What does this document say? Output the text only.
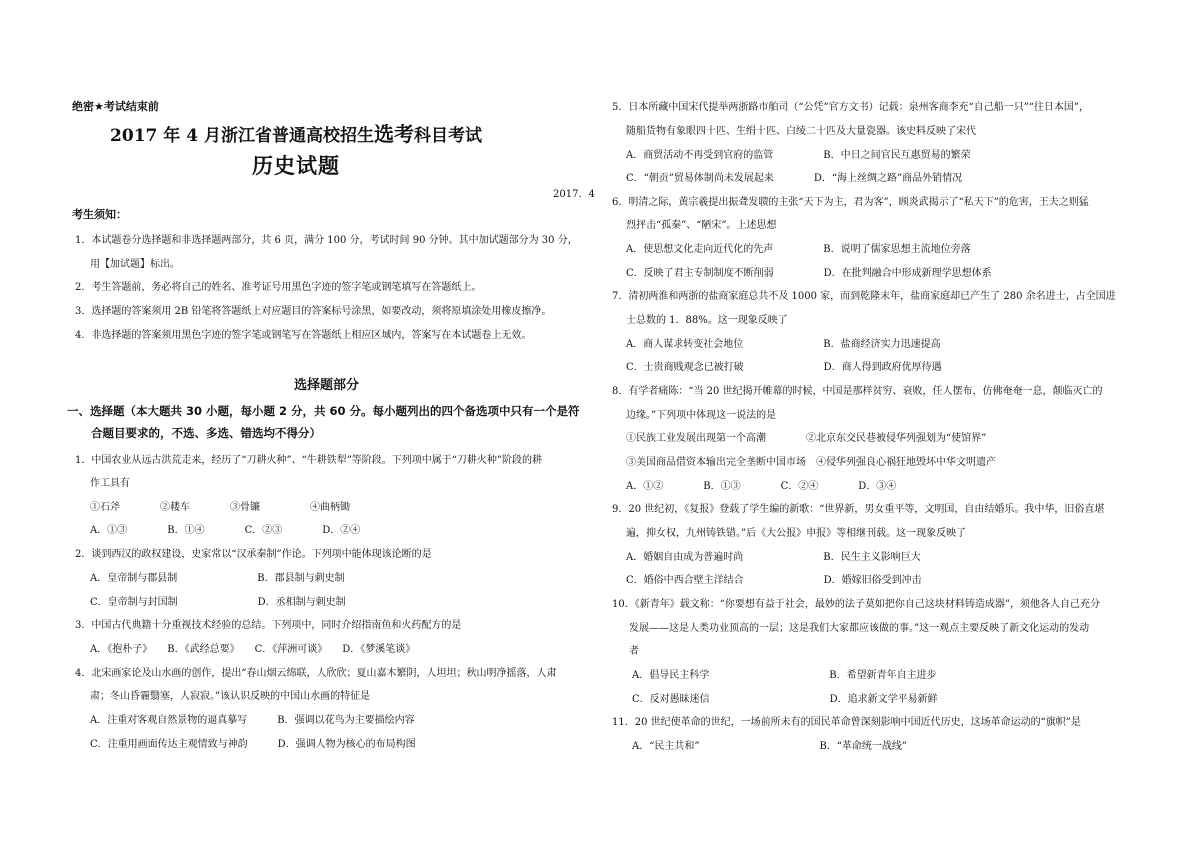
绝密★考试结束前
2017 年 4 月浙江省普通高校招生选考科目考试
历史试题
2017．4
考生须知：
1．本试题卷分选择题和非选择题两部分，共 6 页，满分 100 分，考试时间 90 分钟。其中加试题部分为 30 分，
用【加试题】标出。
2．考生答题前，务必将自己的姓名、准考证号用黑色字迹的签字笔或钢笔填写在答题纸上。
3．选择题的答案须用 2B 铅笔将答题纸上对应题目的答案标号涂黑，如要改动，须将原填涂处用橡皮擦净。
4．非选择题的答案须用黑色字迹的签字笔或钢笔写在答题纸上相应区域内，答案写在本试题卷上无效。
选择题部分
一、选择题（本大题共 30 小题，每小题 2 分，共 60 分。每小题列出的四个备选项中只有一个是符
合题目要求的，不选、多选、错选均不得分）
1．中国农业从远古洪荒走来，经历了“刀耕火种”、“牛耕铁犁”等阶段。下列项中属于“刀耕火种”阶段的耕
作工具有
①石斧　　　　②耧车　　　　③骨镰　　　　　④曲柄锄
A．①③　　　　B．①④　　　　C．②③　　　　D．②④
2．谈到西汉的政权建设，史家常以“汉承秦制”作论。下列项中能体现该论断的是
A．皇帝制与郡县制　　　　　　　　B．郡县制与刺史制
C．皇帝制与封国制　　　　　　　　D．丞相制与刺史制
3．中国古代典籍十分重视技术经验的总结。下列项中，同时介绍指南鱼和火药配方的是
A．《抱朴子》　　B．《武经总要》　　C．《萍洲可谈》　　D．《梦溪笔谈》
4．北宋画家论及山水画的创作，提出“春山烟云绵联，人欣欣；夏山嘉木繁阴，人坦坦；秋山明净摇落，人肃
肃；冬山昏霾翳塞，人寂寂。”该认识反映的中国山水画的特征是
A．注重对客观自然景物的逼真摹写　　　B．强调以花鸟为主要描绘内容
C．注重用画面传达主观情致与神韵　　　D．强调人物为核心的布局构图
5．日本所藏中国宋代提举两浙路市舶司（“公凭”官方文书）记载：泉州客商李充“自己船一只”“往日本国”，
随船货物有象眼四十匹、生绢十匹、白绫二十匹及大量瓷器。该史料反映了宋代
A．商贸活动不再受到官府的监管　　　　　B．中日之间官民互惠贸易的繁荣
C．“朝贡”贸易体制尚未发展起来　　　　D．“海上丝绸之路”商品外销情况
6．明清之际，黄宗羲提出振聋发聩的主张“天下为主，君为客”，顾炎武揭示了“私天下”的危害，王夫之则猛
烈抨击“孤秦”、“陋宋”。上述思想
A．使思想文化走向近代化的先声　　　　　B．说明了儒家思想主流地位旁落
C．反映了君主专制制度不断削弱　　　　　D．在批判融合中形成新理学思想体系
7．清初两淮和两浙的盐商家庭总共不及 1000 家，而到乾隆末年，盐商家庭却已产生了 280 余名进士，占全国进
士总数的 1．88%。这一现象反映了
A．商人谋求转变社会地位　　　　　　　　B．盐商经济实力迅速提高
C．士贵商贱观念已被打破　　　　　　　　D．商人得到政府优厚待遇
8．有学者痛陈：“当 20 世纪揭开帷幕的时候，中国是那样贫穷、衰败，任人摆布，仿佛奄奄一息，颠临灭亡的
边缘。”下列项中体现这一说法的是
①民族工业发展出现第一个高潮　　　　②北京东交民巷被侵华列强划为“使馆界”
③美国商品借资本输出完全垄断中国市场　④侵华列强良心祸狂地毁坏中华文明遗产
A．①②　　　　B．①③　　　　C．②④　　　　D．③④
9．20 世纪初，《复报》登载了学生编的新歌：“世界新，男女重平等，文明国，自由结婚乐。我中华，旧俗直堪
遍，抑女权，九州铸铁错。”后《大公报》申报》等相继刊载。这一现象反映了
A．婚姻自由成为普遍时尚　　　　　　　　B．民生主义影响巨大
C．婚俗中西合壁主洋结合　　　　　　　　D．婚嫁旧俗受到冲击
10．《新青年》载文称：“你要想有益于社会，最妙的法子莫如把你自己这块材料铸造成器”，须他各人自己充分
发展——这是人类功业顶高的一层；这是我们大家都应该做的事。”这一观点主要反映了新文化运动的发动
者
A．倡导民主科学　　　　　　　　　　　　B．希望新青年自主进步
C．反对愚昧迷信　　　　　　　　　　　　D．追求新文学平易新鲜
11．20 世纪使革命的世纪，一场前所未有的国民革命曾深刻影响中国近代历史，这场革命运动的“旗帜”是
A．“民主共和”　　　　　　　　　　　　B．“革命统一战线”
